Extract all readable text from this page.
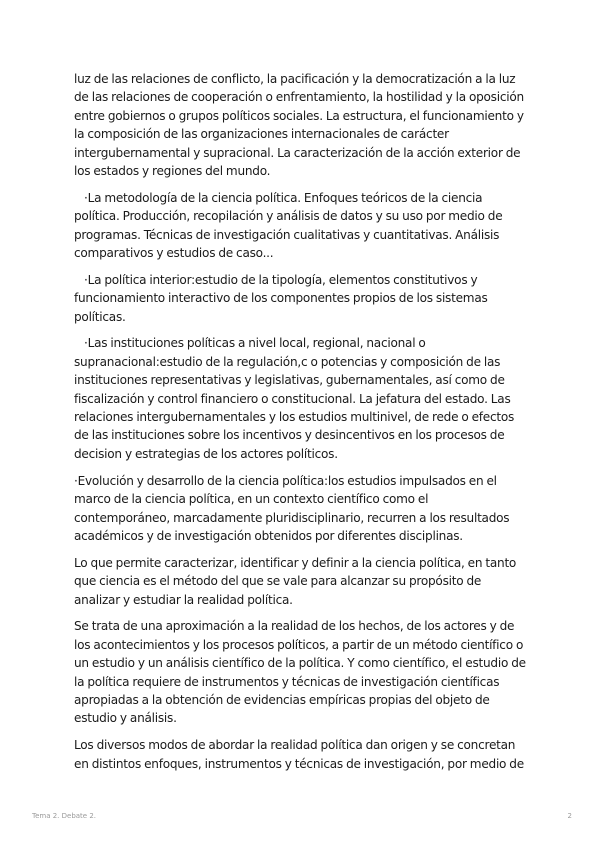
luz de las relaciones de conflicto, la pacificación y la democratización a la luz de las relaciones de cooperación o enfrentamiento, la hostilidad y la oposición entre gobiernos o grupos políticos sociales. La estructura, el funcionamiento y la composición de las organizaciones internacionales de carácter intergubernamental y supracional. La caracterización de la acción exterior de los estados y regiones del mundo.

·La metodología de la ciencia política. Enfoques teóricos de la ciencia política. Producción, recopilación y análisis de datos y su uso por medio de programas. Técnicas de investigación cualitativas y cuantitativas. Análisis comparativos y estudios de caso...

·La política interior:estudio de la tipología, elementos constitutivos y funcionamiento interactivo de los componentes propios de los sistemas políticas.

·Las instituciones políticas a nivel local, regional, nacional o supranacional:estudio de la regulación,c o potencias y composición de las instituciones representativas y legislativas, gubernamentales, así como de fiscalización y control financiero o constitucional. La jefatura del estado. Las relaciones intergubernamentales y los estudios multinivel, de rede o efectos de las instituciones sobre los incentivos y desincentivos en los procesos de decision y estrategias de los actores políticos.

·Evolución y desarrollo de la ciencia política:los estudios impulsados en el marco de la ciencia política, en un contexto científico como el contemporáneo, marcadamente pluridisciplinario, recurren a los resultados académicos y de investigación obtenidos por diferentes disciplinas.

Lo que permite caracterizar, identificar y definir a la ciencia política, en tanto que ciencia es el método del que se vale para alcanzar su propósito de analizar y estudiar la realidad política.

Se trata de una aproximación a la realidad de los hechos, de los actores y de los acontecimientos y los procesos políticos, a partir de un método científico o un estudio y un análisis científico de la política. Y como científico, el estudio de la política requiere de instrumentos y técnicas de investigación científicas apropiadas a la obtención de evidencias empíricas propias del objeto de estudio y análisis.

Los diversos modos de abordar la realidad política dan origen y se concretan en distintos enfoques, instrumentos y técnicas de investigación, por medio de

Tema 2. Debate 2.	2
